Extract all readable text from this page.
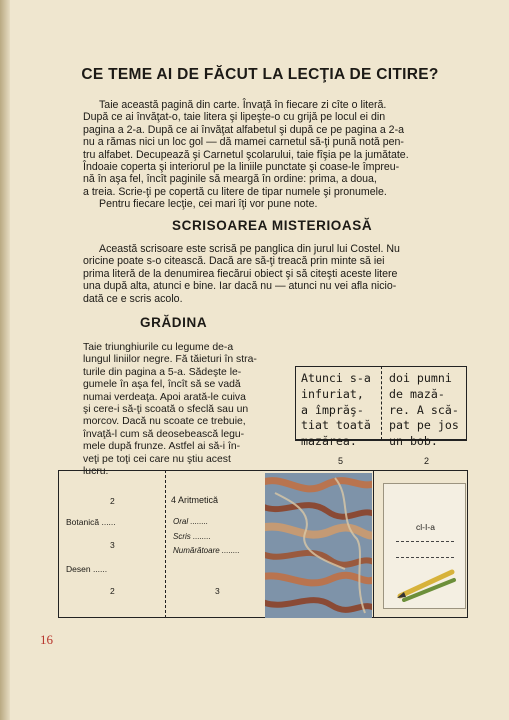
CE TEME AI DE FĂCUT LA LECŢIA DE CITIRE?
Taie această pagină din carte. Învaţă în fiecare zi cîte o literă.
După ce ai învăţat-o, taie litera şi lipeşte-o cu grijă pe locul ei din
pagina a 2-a. După ce ai învăţat alfabetul şi după ce pe pagina a 2-a
nu a rămas nici un loc gol — dă mamei carnetul să-ţi pună notă pen-
tru alfabet. Decupează şi Carnetul şcolarului, taie fîşia pe la jumătate.
Îndoaie coperta şi interiorul pe la liniile punctate şi coase-le împreu-
nă în aşa fel, încît paginile să meargă în ordine: prima, a doua,
a treia. Scrie-ţi pe copertă cu litere de tipar numele şi pronumele.
Pentru fiecare lecţie, cei mari îţi vor pune note.
SCRISOAREA MISTERIOASĂ
Această scrisoare este scrisă pe panglica din jurul lui Costel. Nu
oricine poate s-o citească. Dacă are să-ţi treacă prin minte să iei
prima literă de la denumirea fiecărui obiect şi să citeşti aceste litere
una după alta, atunci e bine. Iar dacă nu — atunci nu vei afla nicio-
dată ce e scris acolo.
GRĂDINA
Taie triunghiurile cu legume de-a
lungul liniilor negre. Fă tăieturi în stra-
turile din pagina a 5-a. Sădeşte le-
gumele în aşa fel, încît să se vadă
numai verdeaţa. Apoi arată-le cuiva
şi cere-i să-ţi scoată o sfeclă sau un
morcov. Dacă nu scoate ce trebuie,
învaţă-l cum să deosebească legu-
mele după frunze. Astfel ai să-i în-
veţi pe toţi cei care nu ştiu acest
lucru.
Atunci s-a
infuriat,
a împrăş-
tiat toată
mazărea.
doi pumni
de mază-
re. A scă-
pat pe jos
un bob.
5	2
2
Botanică ......
3
Desen ......
2
4 Aritmetică
Oral ........
Scris ........
Numărătoare ........
3
cl-I-a
16
